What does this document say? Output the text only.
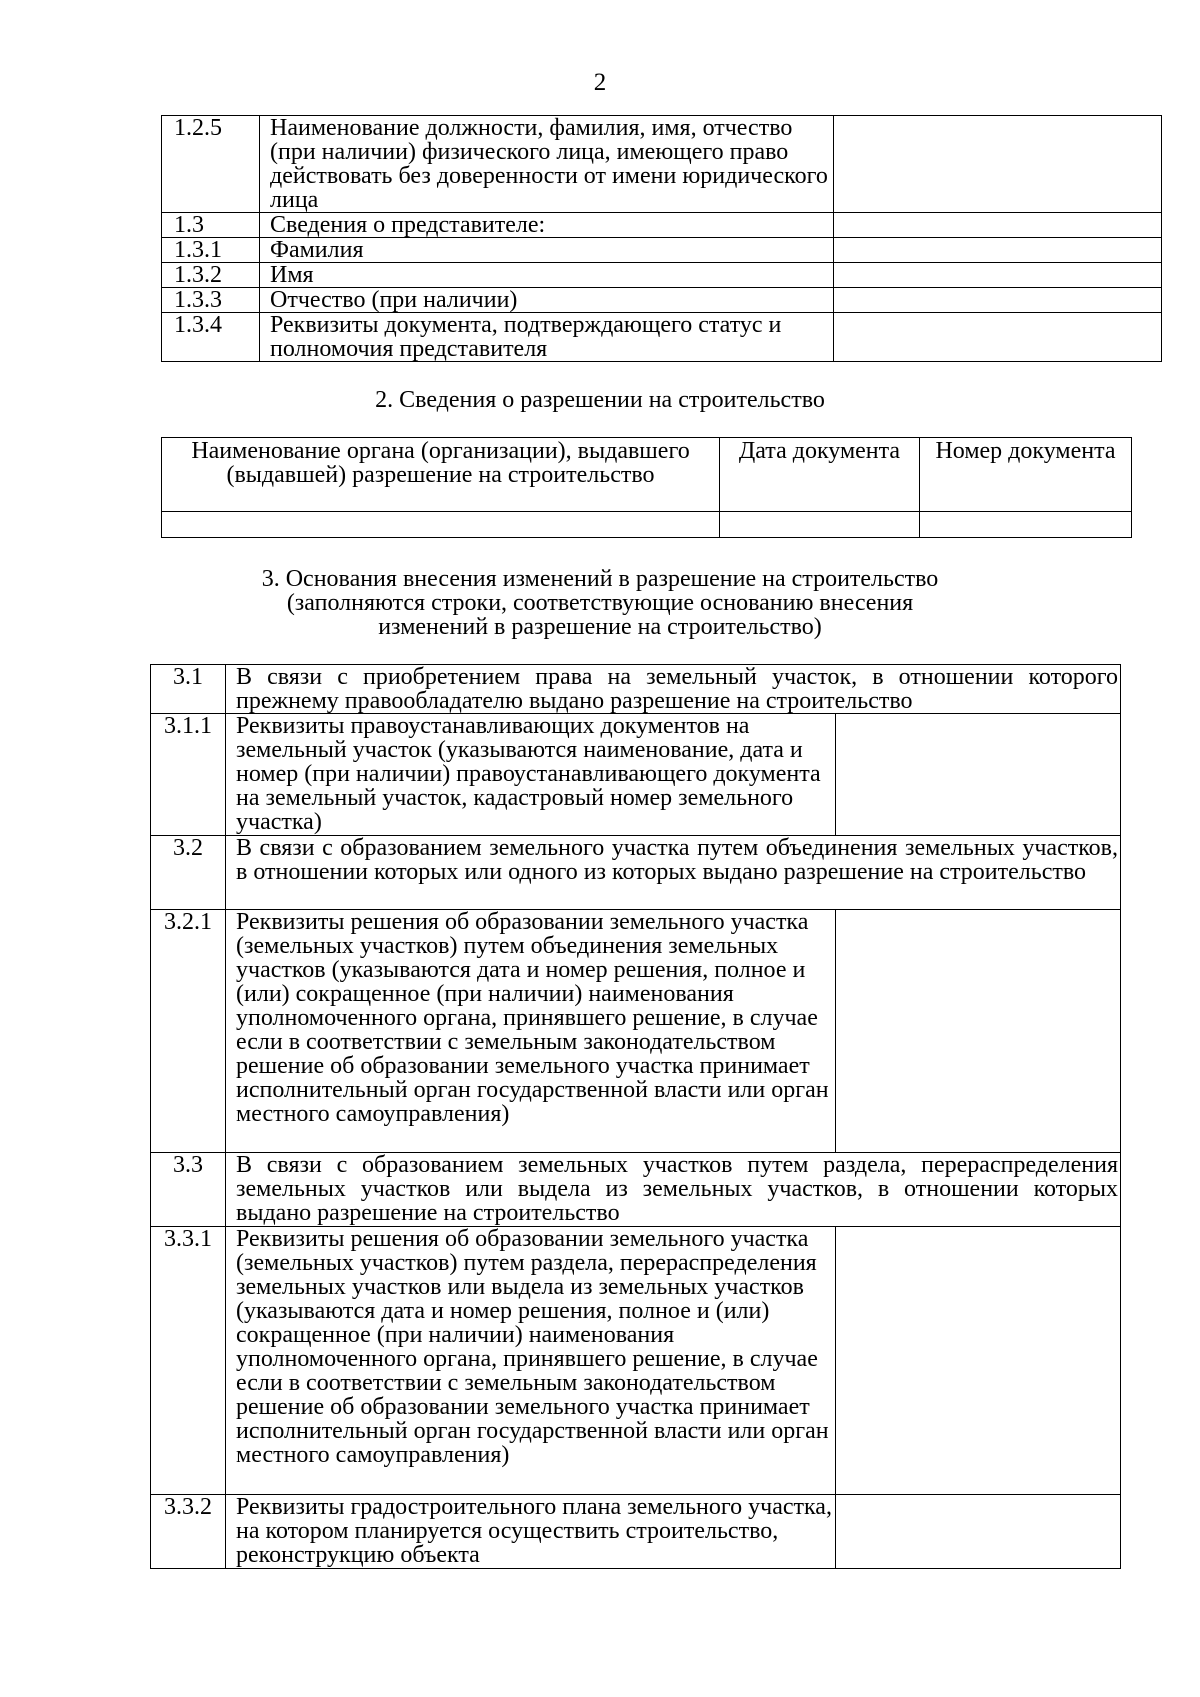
2
1.2.5	Наименование должности, фамилия, имя, отчество (при наличии) физического лица, имеющего право действовать без доверенности от имени юридического лица	
1.3	Сведения о представителе:	
1.3.1	Фамилия	
1.3.2	Имя	
1.3.3	Отчество (при наличии)	
1.3.4	Реквизиты документа, подтверждающего статус и полномочия представителя	
2. Сведения о разрешении на строительство
Наименование органа (организации), выдавшего (выдавшей) разрешение на строительство	Дата документа	Номер документа

3. Основания внесения изменений в разрешение на строительство
(заполняются строки, соответствующие основанию внесения
изменений в разрешение на строительство)
3.1	В связи с приобретением права на земельный участок, в отношении которого прежнему правообладателю выдано разрешение на строительство	
3.1.1	Реквизиты правоустанавливающих документов на земельный участок (указываются наименование, дата и номер (при наличии) правоустанавливающего документа на земельный участок, кадастровый номер земельного участка)	
3.2	В связи с образованием земельного участка путем объединения земельных участков, в отношении которых или одного из которых выдано разрешение на строительство	
3.2.1	Реквизиты решения об образовании земельного участка (земельных участков) путем объединения земельных участков (указываются дата и номер решения, полное и (или) сокращенное (при наличии) наименования уполномоченного органа, принявшего решение, в случае если в соответствии с земельным законодательством решение об образовании земельного участка принимает исполнительный орган государственной власти или орган местного самоуправления)	
3.3	В связи с образованием земельных участков путем раздела, перераспределения земельных участков или выдела из земельных участков, в отношении которых выдано разрешение на строительство	
3.3.1	Реквизиты решения об образовании земельного участка (земельных участков) путем раздела, перераспределения земельных участков или выдела из земельных участков (указываются дата и номер решения, полное и (или) сокращенное (при наличии) наименования уполномоченного органа, принявшего решение, в случае если в соответствии с земельным законодательством решение об образовании земельного участка принимает исполнительный орган государственной власти или орган местного самоуправления)	
3.3.2	Реквизиты градостроительного плана земельного участка, на котором планируется осуществить строительство, реконструкцию объекта	
